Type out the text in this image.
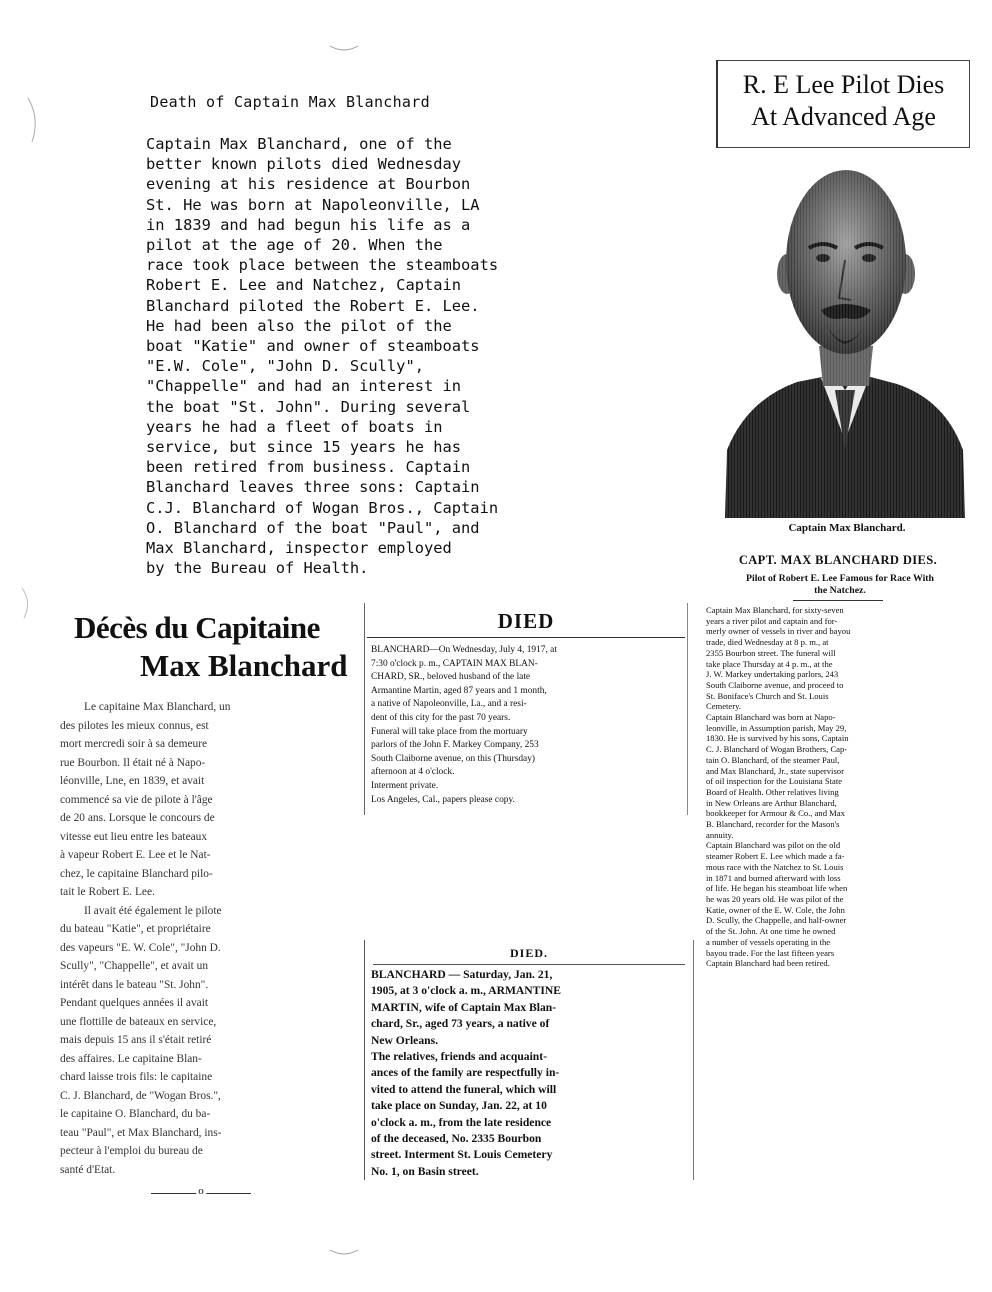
Death of Captain Max Blanchard
Captain Max Blanchard, one of the
better known pilots died Wednesday
evening at his residence at Bourbon
St. He was born at Napoleonville, LA
in 1839 and had begun his life as a
pilot at the age of 20. When the
race took place between the steamboats
Robert E. Lee and Natchez, Captain
Blanchard piloted the Robert E. Lee.
He had been also the pilot of the
boat "Katie" and owner of steamboats
"E.W. Cole", "John D. Scully",
"Chappelle" and had an interest in
the boat "St. John". During several
years he had a fleet of boats in
service, but since 15 years he has
been retired from business. Captain
Blanchard leaves three sons: Captain
C.J. Blanchard of Wogan Bros., Captain
O. Blanchard of the boat "Paul", and
Max Blanchard, inspector employed
by the Bureau of Health.
R. E Lee Pilot Dies
At Advanced Age
Captain Max Blanchard.
CAPT. MAX BLANCHARD DIES.
Pilot of Robert E. Lee Famous for Race With the Natchez.
Captain Max Blanchard, for sixty-seven
years a river pilot and captain and for-
merly owner of vessels in river and bayou
trade, died Wednesday at 8 p. m., at
2355 Bourbon street. The funeral will
take place Thursday at 4 p. m., at the
J. W. Markey undertaking parlors, 243
South Claiborne avenue, and proceed to
St. Boniface's Church and St. Louis
Cemetery.
Captain Blanchard was born at Napo-
leonville, in Assumption parish, May 29,
1830. He is survived by his sons, Captain
C. J. Blanchard of Wogan Brothers, Cap-
tain O. Blanchard, of the steamer Paul,
and Max Blanchard, Jr., state supervisor
of oil inspection for the Louisiana State
Board of Health. Other relatives living
in New Orleans are Arthur Blanchard,
bookkeeper for Armour & Co., and Max
B. Blanchard, recorder for the Mason's
annuity.
Captain Blanchard was pilot on the old
steamer Robert E. Lee which made a fa-
mous race with the Natchez to St. Louis
in 1871 and burned afterward with loss
of life. He began his steamboat life when
he was 20 years old. He was pilot of the
Katie, owner of the E. W. Cole, the John
D. Scully, the Chappelle, and half-owner
of the St. John. At one time he owned
a number of vessels operating in the
bayou trade. For the last fifteen years
Captain Blanchard had been retired.
Décès du Capitaine
Max Blanchard
Le capitaine Max Blanchard, un
des pilotes les mieux connus, est
mort mercredi soir à sa demeure
rue Bourbon. Il était né à Napo-
léonville, Lne, en 1839, et avait
commencé sa vie de pilote à l'âge
de 20 ans. Lorsque le concours de
vitesse eut lieu entre les bateaux
à vapeur Robert E. Lee et le Nat-
chez, le capitaine Blanchard pilo-
tait le Robert E. Lee.
Il avait été également le pilote
du bateau "Katie", et propriétaire
des vapeurs "E. W. Cole", "John D.
Scully", "Chappelle", et avait un
intérêt dans le bateau "St. John".
Pendant quelques années il avait
une flottille de bateaux en service,
mais depuis 15 ans il s'était retiré
des affaires. Le capitaine Blan-
chard laisse trois fils: le capitaine
C. J. Blanchard, de "Wogan Bros.",
le capitaine O. Blanchard, du ba-
teau "Paul", et Max Blanchard, ins-
pecteur à l'emploi du bureau de
santé d'Etat.
o
DIED
BLANCHARD—On Wednesday, July 4, 1917, at
7:30 o'clock p. m., CAPTAIN MAX BLAN-
CHARD, SR., beloved husband of the late
Armantine Martin, aged 87 years and 1 month,
a native of Napoleonville, La., and a resi-
dent of this city for the past 70 years.
Funeral will take place from the mortuary
parlors of the John F. Markey Company, 253
South Claiborne avenue, on this (Thursday)
afternoon at 4 o'clock.
Interment private.
Los Angeles, Cal., papers please copy.
DIED.
BLANCHARD — Saturday, Jan. 21,
1905, at 3 o'clock a. m., ARMANTINE
MARTIN, wife of Captain Max Blan-
chard, Sr., aged 73 years, a native of
New Orleans.
The relatives, friends and acquaint-
ances of the family are respectfully in-
vited to attend the funeral, which will
take place on Sunday, Jan. 22, at 10
o'clock a. m., from the late residence
of the deceased, No. 2335 Bourbon
street. Interment St. Louis Cemetery
No. 1, on Basin street.
